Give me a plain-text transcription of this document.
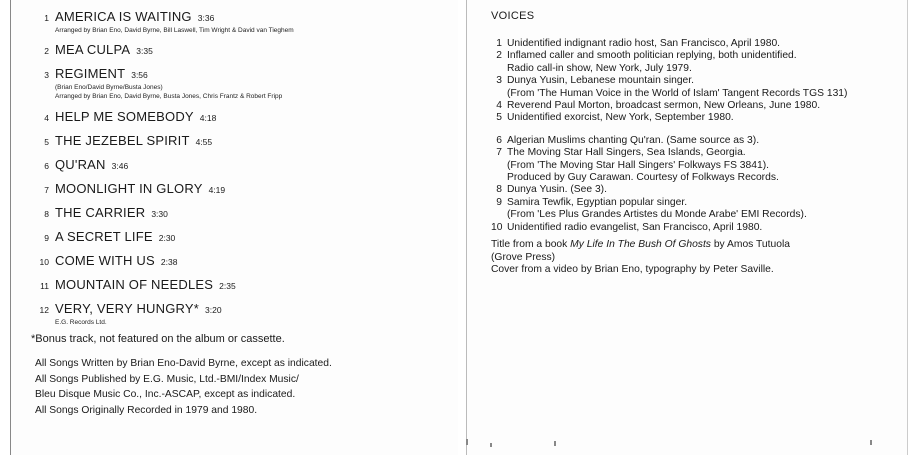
1 AMERICA IS WAITING 3:36
Arranged by Brian Eno, David Byrne, Bill Laswell, Tim Wright & David van Tieghem
2 MEA CULPA 3:35
3 REGIMENT 3:56
(Brian Eno/David Byrne/Busta Jones)
Arranged by Brian Eno, David Byrne, Busta Jones, Chris Frantz & Robert Fripp
4 HELP ME SOMEBODY 4:18
5 THE JEZEBEL SPIRIT 4:55
6 QU'RAN 3:46
7 MOONLIGHT IN GLORY 4:19
8 THE CARRIER 3:30
9 A SECRET LIFE 2:30
10 COME WITH US 2:38
11 MOUNTAIN OF NEEDLES 2:35
12 VERY, VERY HUNGRY* 3:20
E.G. Records Ltd.
*Bonus track, not featured on the album or cassette.
All Songs Written by Brian Eno-David Byrne, except as indicated.
All Songs Published by E.G. Music, Ltd.-BMI/Index Music/
Bleu Disque Music Co., Inc.-ASCAP, except as indicated.
All Songs Originally Recorded in 1979 and 1980.
VOICES
1 Unidentified indignant radio host, San Francisco, April 1980.
2 Inflamed caller and smooth politician replying, both unidentified.
Radio call-in show, New York, July 1979.
3 Dunya Yusin, Lebanese mountain singer.
(From 'The Human Voice in the World of Islam' Tangent Records TGS 131)
4 Reverend Paul Morton, broadcast sermon, New Orleans, June 1980.
5 Unidentified exorcist, New York, September 1980.
6 Algerian Muslims chanting Qu'ran. (Same source as 3).
7 The Moving Star Hall Singers, Sea Islands, Georgia.
(From 'The Moving Star Hall Singers' Folkways FS 3841).
Produced by Guy Carawan. Courtesy of Folkways Records.
8 Dunya Yusin. (See 3).
9 Samira Tewfik, Egyptian popular singer.
(From 'Les Plus Grandes Artistes du Monde Arabe' EMI Records).
10 Unidentified radio evangelist, San Francisco, April 1980.
Title from a book My Life In The Bush Of Ghosts by Amos Tutuola
(Grove Press)
Cover from a video by Brian Eno, typography by Peter Saville.
